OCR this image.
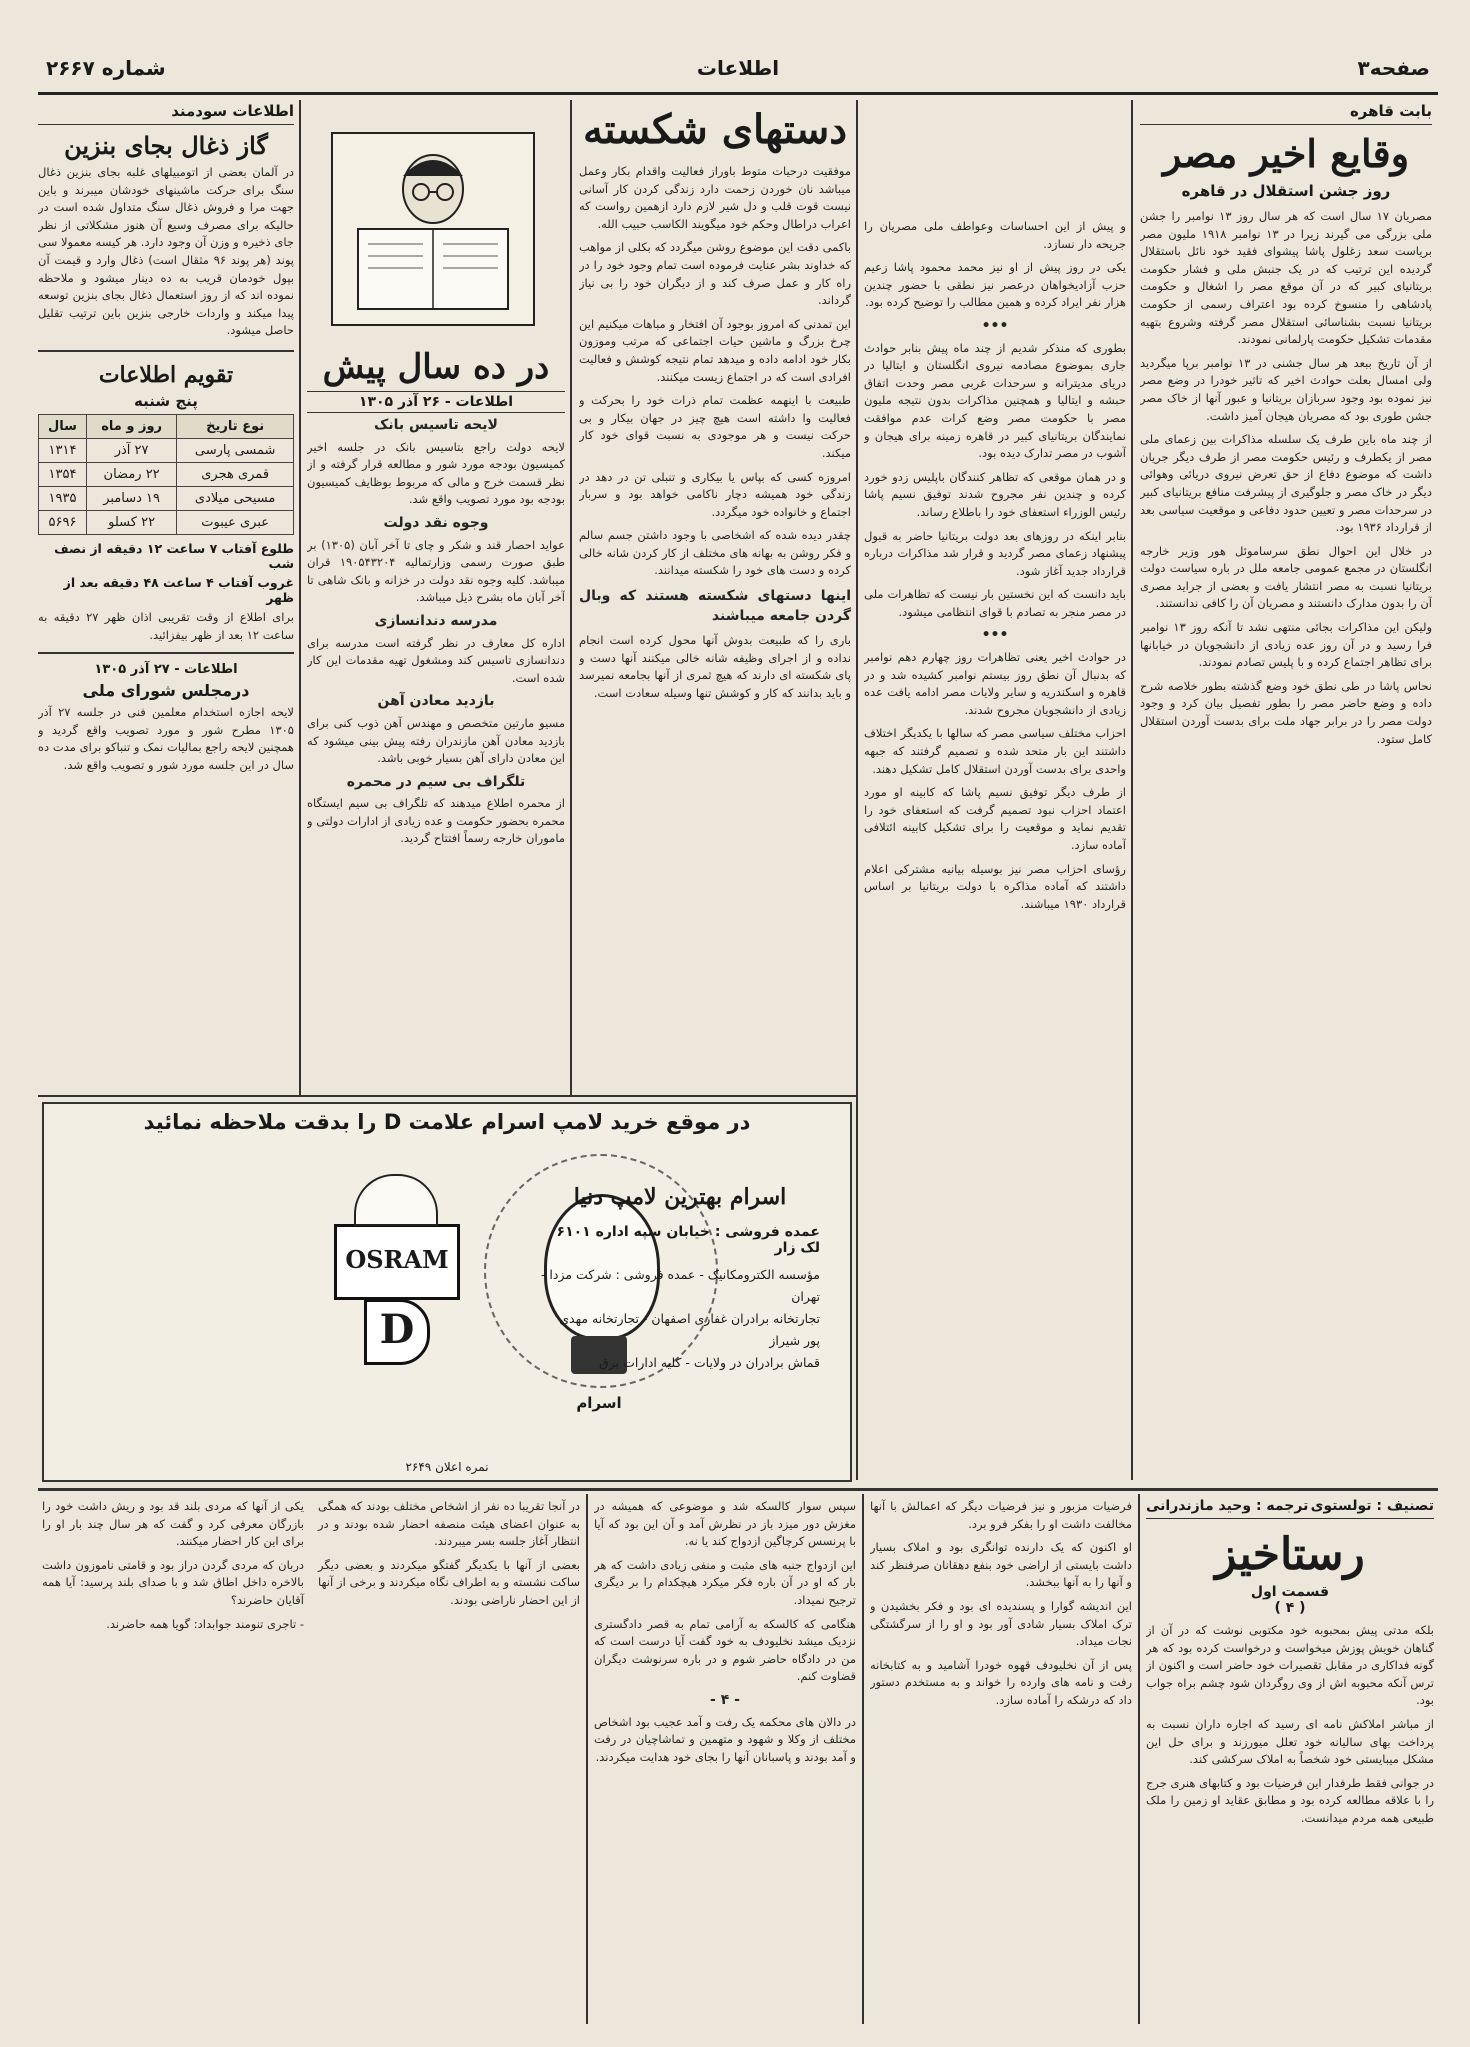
صفحه۳
اطلاعات
شماره ۲۶۶۷
بابت قاهره
وقایع اخیر مصر
روز جشن استقلال در قاهره

مصریان ۱۷ سال است که هر سال روز ۱۳ نوامبر را جشن ملی بزرگی می گیرند زیرا در ۱۳ نوامبر ۱۹۱۸ ملیون مصر بریاست سعد زغلول پاشا پیشوای فقید خود نائل باستقلال گردیده این ترتیب که در یک جنبش ملی و فشار حکومت بریتانیای کبیر که در آن موقع مصر را اشغال و حکومت پادشاهی را منسوخ کرده بود اعتراف رسمی از حکومت بریتانیا نسبت بشناسائی استقلال مصر گرفته وشروع بتهیه مقدمات تشکیل حکومت پارلمانی نمودند.

از آن تاریخ ببعد هر سال جشنی در ۱۳ نوامبر برپا میگردید ولی امسال بعلت حوادث اخیر که تاثیر خودرا در وضع مصر نیز نموده بود وجود سربازان بریتانیا و عبور آنها از خاک مصر جشن طوری بود که مصریان هیجان آمیز داشت.

از چند ماه باین طرف یک سلسله مذاکرات بین زعمای ملی مصر از یکطرف و رئیس حکومت مصر از طرف دیگر جریان داشت که موضوع دفاع از حق تعرض نیروی دریائی وهوائی دیگر در خاک مصر و جلوگیری از پیشرفت منافع بریتانیای کبیر در سرحدات مصر و تعیین حدود دفاعی و موقعیت سیاسی بعد از قرارداد ۱۹۳۶ بود.

در خلال این احوال نطق سرساموئل هور وزیر خارجه انگلستان در مجمع عمومی جامعه ملل در باره سیاست دولت بریتانیا نسبت به مصر انتشار یافت و بعضی از جراید مصری آن را بدون مدارک دانستند و مصریان آن را کافی ندانستند.

ولیکن این مذاکرات بجائی منتهی نشد تا آنکه روز ۱۳ نوامبر فرا رسید و در آن روز عده زیادی از دانشجویان در خیابانها برای تظاهر اجتماع کرده و با پلیس تصادم نمودند.

نحاس پاشا در طی نطق خود وضع گذشته بطور خلاصه شرح داده و وضع حاضر مصر را بطور تفصیل بیان کرد و وجود دولت مصر را در برابر جهاد ملت برای بدست آوردن استقلال کامل ستود.

و پیش از این احساسات وعواطف ملی مصریان را جریحه دار نسازد.

یکی در روز پیش از او نیز محمد محمود پاشا زعیم حزب آزادیخواهان درعصر نیز نطقی با حضور چندین هزار نفر ایراد کرده و همین مطالب را توضیح کرده بود.

•••

بطوری که منذکر شدیم از چند ماه پیش بنابر حوادث جاری بموضوع مصادمه نیروی انگلستان و ایتالیا در دریای مدیترانه و سرحدات غربی مصر وحدت اتفاق حبشه و ایتالیا و همچنین مذاکرات بدون نتیجه ملیون مصر با حکومت مصر وضع کرات عدم موافقت نمایندگان بریتانیای کبیر در قاهره زمینه برای هیجان و آشوب در مصر تدارک دیده بود.

و در همان موقعی که تظاهر کنندگان باپلیس زدو خورد کرده و چندین نفر مجروح شدند توفیق نسیم پاشا رئیس الوزراء استعفای خود را باطلاع رساند.

بنابر اینکه در روزهای بعد دولت بریتانیا حاضر به قبول پیشنهاد زعمای مصر گردید و قرار شد مذاکرات درباره قرارداد جدید آغاز شود.

باید دانست که این نخستین بار نیست که تظاهرات ملی در مصر منجر به تصادم با قوای انتظامی میشود.

•••

در حوادث اخیر یعنی تظاهرات روز چهارم دهم نوامبر که بدنبال آن نطق روز بیستم نوامبر کشیده شد و در قاهره و اسکندریه و سایر ولایات مصر ادامه یافت عده زیادی از دانشجویان مجروح شدند.

احزاب مختلف سیاسی مصر که سالها با یکدیگر اختلاف داشتند این بار متحد شده و تصمیم گرفتند که جبهه واحدی برای بدست آوردن استقلال کامل تشکیل دهند.

از طرف دیگر توفیق نسیم پاشا که کابینه او مورد اعتماد احزاب نبود تصمیم گرفت که استعفای خود را تقدیم نماید و موقعیت را برای تشکیل کابینه ائتلافی آماده سازد.

رؤسای احزاب مصر نیز بوسیله بیانیه مشترکی اعلام داشتند که آماده مذاکره با دولت بریتانیا بر اساس قرارداد ۱۹۳۰ میباشند.

دستهای شکسته

موفقیت درحیات متوط باوراز فعالیت واقدام بکار وعمل میباشد نان خوردن زحمت دارد زندگی کردن کار آسانی نیست قوت قلب و دل شیر لازم دارد ازهمین رواست که اعراب دراطال وحکم خود میگویند الکاسب حبیب الله.

باکمی دقت این موضوع روشن میگردد که بکلی از مواهب که خداوند بشر عنایت فرموده است تمام وجود خود را در راه کار و عمل صرف کند و از دیگران خود را بی نیاز گرداند.

این تمدنی که امروز بوجود آن افتخار و مباهات میکنیم این چرخ بزرگ و ماشین حیات اجتماعی که مرتب وموزون بکار خود ادامه داده و میدهد تمام نتیجه کوشش و فعالیت افرادی است که در اجتماع زیست میکنند.

طبیعت با اینهمه عظمت تمام ذرات خود را بحرکت و فعالیت وا داشته است هیچ چیز در جهان بیکار و بی حرکت نیست و هر موجودی به نسبت قوای خود کار میکند.

امروزه کسی که بپاس یا بیکاری و تنبلی تن در دهد در زندگی خود همیشه دچار ناکامی خواهد بود و سربار اجتماع و خانواده خود میگردد.

چقدر دیده شده که اشخاصی با وجود داشتن جسم سالم و فکر روشن به بهانه های مختلف از کار کردن شانه خالی کرده و دست های خود را شکسته میدانند.

اینها دستهای شکسته هستند که وبال گردن جامعه میباشند

باری را که طبیعت بدوش آنها محول کرده است انجام نداده و از اجرای وظیفه شانه خالی میکنند آنها دست و پای شکسته ای دارند که هیچ ثمری از آنها بجامعه نمیرسد و باید بدانند که کار و کوشش تنها وسیله سعادت است.

در ده سال پیش
اطلاعات - ۲۶ آذر ۱۳۰۵
لایحه تاسیس بانک

لایحه دولت راجع بتاسیس بانک در جلسه اخیر کمیسیون بودجه مورد شور و مطالعه قرار گرفته و از نظر قسمت خرج و مالی که مربوط بوظایف کمیسیون بودجه بود مورد تصویب واقع شد.

وجوه نقد دولت

عواید احصار قند و شکر و چای تا آخر آبان (۱۳۰۵) بر طبق صورت رسمی وزارتمالیه ۱۹۰۵۴۳۲۰۴ قران میباشد. کلیه وجوه نقد دولت در خزانه و بانک شاهی تا آخر آبان ماه بشرح ذیل میباشد.

مدرسه دندانسازی

اداره کل معارف در نظر گرفته است مدرسه برای دندانسازی تاسیس کند ومشغول تهیه مقدمات این کار شده است.

بازدید معادن آهن

مسیو مارتین متخصص و مهندس آهن ذوب کنی برای بازدید معادن آهن مازندران رفته پیش بینی میشود که این معادن دارای آهن بسیار خوبی باشد.

تلگراف بی سیم در محمره

از محمره اطلاع میدهند که تلگراف بی سیم ایستگاه محمره بحضور حکومت و عده زیادی از ادارات دولتی و ماموران خارجه رسماً افتتاح گردید.

اطلاعات سودمند
گاز ذغال بجای بنزین
در آلمان بعضی از اتومبیلهای غلبه بجای بنزین ذغال سنگ برای حرکت ماشینهای خودشان میبرند و باین جهت مرا و فروش ذغال سنگ متداول شده است در حالیکه برای مصرف وسیع آن هنوز مشکلاتی از نظر جای ذخیره و وزن آن وجود دارد. هر کیسه معمولا سی پوند (هر پوند ۹۶ مثقال است) ذغال وارد و قیمت آن بپول خودمان قریب به ده دینار میشود و ملاحظه نموده اند که از روز استعمال ذغال بجای بنزین توسعه پیدا میکند و واردات خارجی بنزین باین ترتیب تقلیل حاصل میشود.
تقویم اطلاعات
پنج شنبه
نوع تاریخ	روز و ماه	سال
شمسی پارسی	۲۷ آذر	۱۳۱۴
قمری هجری	۲۲ رمضان	۱۳۵۴
مسیحی میلادی	۱۹ دسامبر	۱۹۳۵
عبری عیبوت	۲۲ کسلو	۵۶۹۶
طلوع آفتاب ۷ ساعت ۱۲ دقیقه از نصف شب
غروب آفتاب ۴ ساعت ۴۸ دقیقه بعد از ظهر
برای اطلاع از وقت تقریبی اذان ظهر ۲۷ دقیقه به ساعت ۱۲ بعد از ظهر بیفزائید.
اطلاعات - ۲۷ آذر ۱۳۰۵
درمجلس شورای ملی
لایحه اجازه استخدام معلمین فنی در جلسه ۲۷ آذر ۱۳۰۵ مطرح شور و مورد تصویب واقع گردید و همچنین لایحه راجع بمالیات نمک و تنباکو برای مدت ده سال در این جلسه مورد شور و تصویب واقع شد.
در موقع خرید لامپ اسرام علامت D را بدقت ملاحظه نمائید
اسرام
OSRAM
D
اسرام بهترین لامپ دنیا
عمده فروشی : خیابان سپه اداره ۶۱۰۱ لک زار
مؤسسه الکترومکانیک - عمده فروشی : شرکت مزدا - تهران
تجارتخانه برادران غفاری اصفهان - تجارتخانه مهدی پور شیراز
قماش برادران در ولایات - کلیه ادارات برق
نمره اعلان ۲۶۴۹
تصنیف : تولستوی
ترجمه : وحید مازندرانی
رستاخیز
قسمت اول
( ۴ )

بلکه مدتی پیش بمحبوبه خود مکتوبی نوشت که در آن از گناهان خویش پوزش میخواست و درخواست کرده بود که هر گونه فداکاری در مقابل تقصیرات خود حاضر است و اکنون از ترس آنکه محبوبه اش از وی روگردان شود چشم براه جواب بود.

از مباشر املاکش نامه ای رسید که اجاره داران نسبت به پرداخت بهای سالیانه خود تعلل میورزند و برای حل این مشکل میبایستی خود شخصاً به املاک سرکشی کند.

در جوانی فقط طرفدار این فرضیات بود و کتابهای هنری جرج را با علاقه مطالعه کرده بود و مطابق عقاید او زمین را ملک طبیعی همه مردم میدانست.

فرضیات مزبور و نیز فرضیات دیگر که اعمالش با آنها مخالفت داشت او را بفکر فرو برد.

او اکنون که یک دارنده توانگری بود و املاک بسیار داشت بایستی از اراضی خود بنفع دهقانان صرفنظر کند و آنها را به آنها ببخشد.

این اندیشه گوارا و پسندیده ای بود و فکر بخشیدن و ترک املاک بسیار شادی آور بود و او را از سرگشتگی نجات میداد.

پس از آن نخلیودف قهوه خودرا آشامید و به کتابخانه رفت و نامه های وارده را خواند و به مستخدم دستور داد که درشکه را آماده سازد.

سپس سوار کالسکه شد و موضوعی که همیشه در مغزش دور میزد باز در نظرش آمد و آن این بود که آیا با پرنسس کرچاگین ازدواج کند یا نه.

این ازدواج جنبه های مثبت و منفی زیادی داشت که هر بار که او در آن باره فکر میکرد هیچکدام را بر دیگری ترجیح نمیداد.

هنگامی که کالسکه به آرامی تمام به قصر دادگستری نزدیک میشد نخلیودف به خود گفت آیا درست است که من در دادگاه حاضر شوم و در باره سرنوشت دیگران قضاوت کنم.

- ۴ -

در دالان های محکمه یک رفت و آمد عجیب بود اشخاص مختلف از وکلا و شهود و متهمین و تماشاچیان در رفت و آمد بودند و پاسبانان آنها را بجای خود هدایت میکردند.

در آنجا تقریبا ده نفر از اشخاص مختلف بودند که همگی به عنوان اعضای هیئت منصفه احضار شده بودند و در انتظار آغاز جلسه بسر میبردند.

بعضی از آنها با یکدیگر گفتگو میکردند و بعضی دیگر ساکت نشسته و به اطراف نگاه میکردند و برخی از آنها از این احضار ناراضی بودند.

یکی از آنها که مردی بلند قد بود و ریش داشت خود را بازرگان معرفی کرد و گفت که هر سال چند بار او را برای این کار احضار میکنند.

دربان که مردی گردن دراز بود و قامتی ناموزون داشت بالاخره داخل اطاق شد و با صدای بلند پرسید: آیا همه آقایان حاضرند؟

- تاجری تنومند جوابداد: گویا همه حاضرند.
